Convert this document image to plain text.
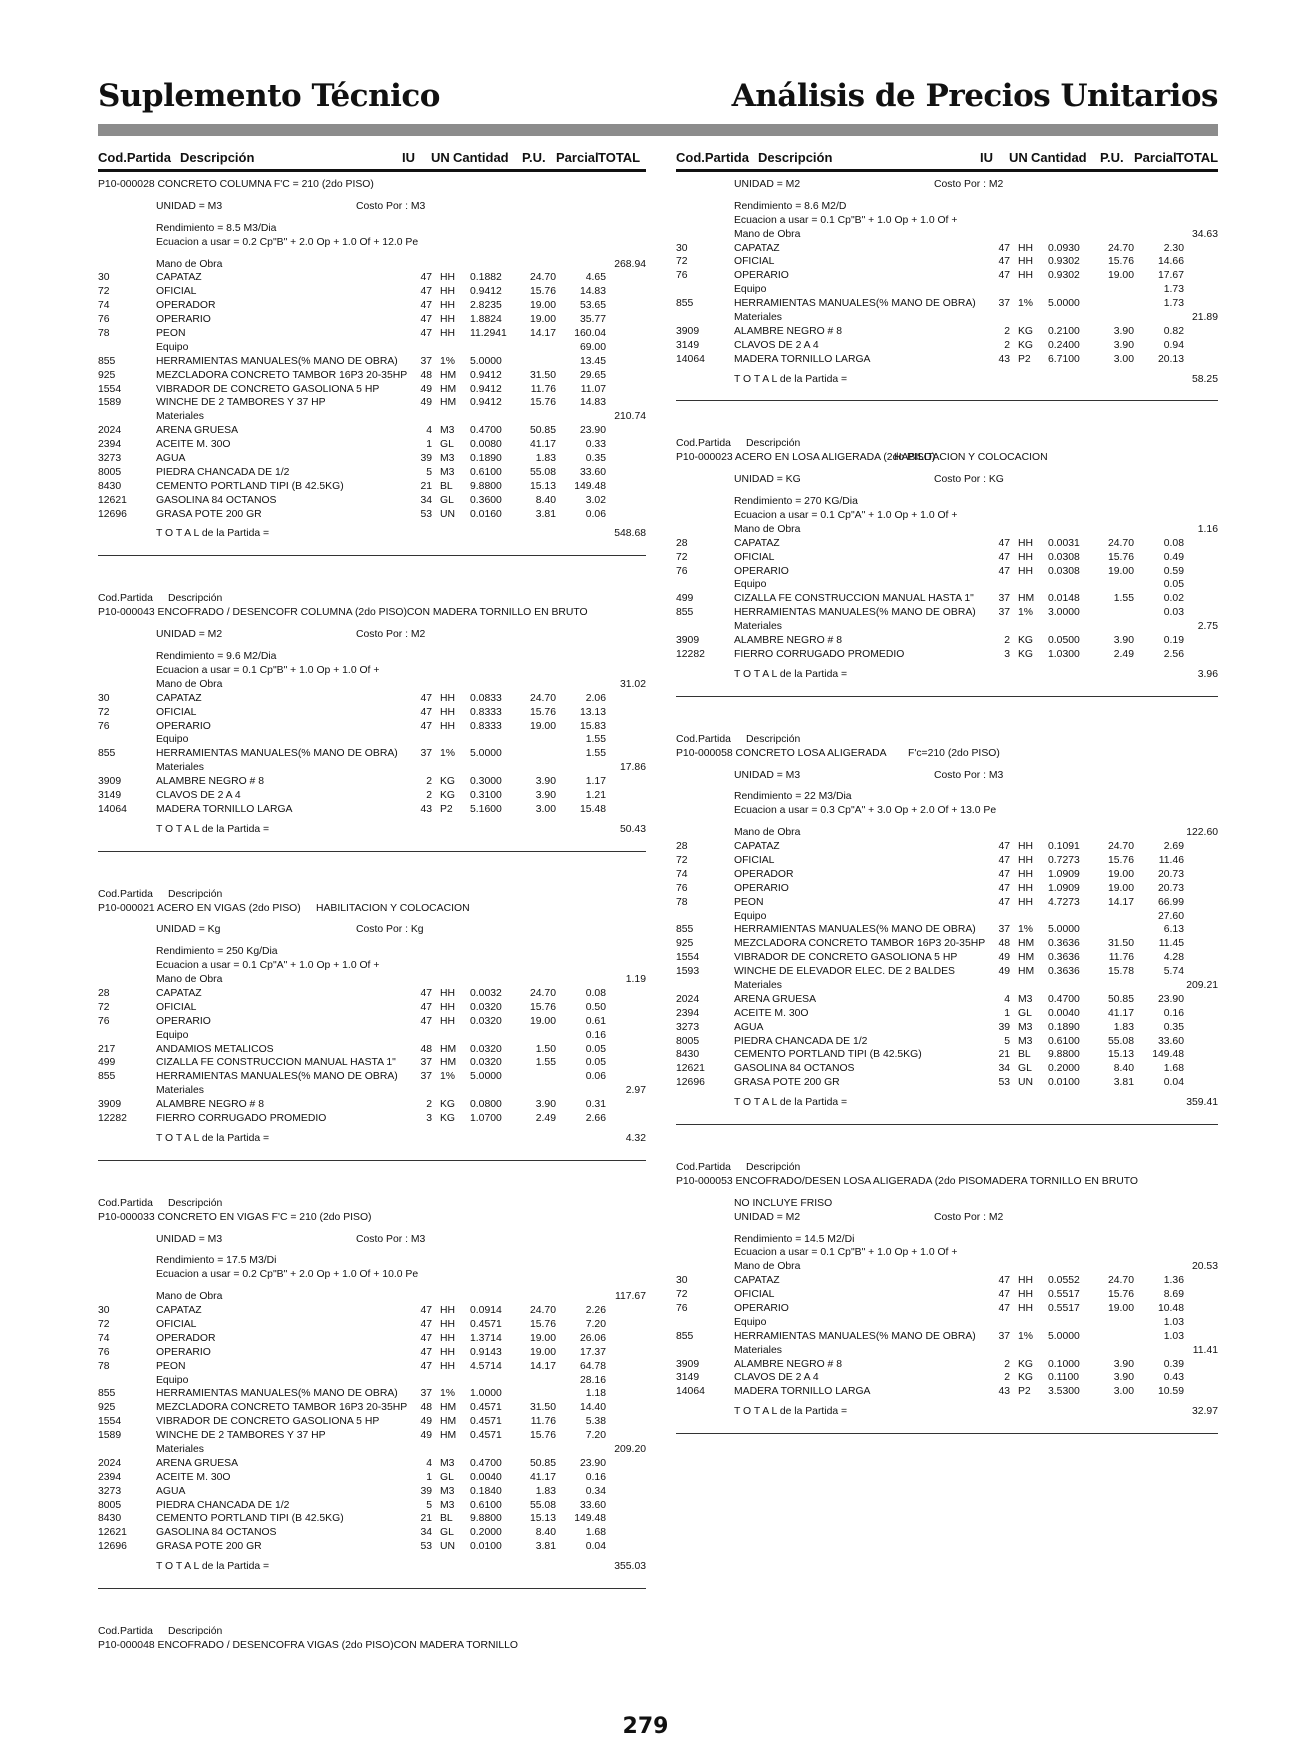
Suplemento Técnico	Análisis de Precios Unitarios
Cod.Partida Descripción	IU UN Cantidad P.U. Parcial TOTAL	Cod.Partida Descripción	IU UN Cantidad P.U. Parcial TOTAL
P10-000028 CONCRETO COLUMNA F'C = 210 (2do PISO)
UNIDAD = M3	Costo Por : M3
Rendimiento = 8.5 M3/Dia
Ecuacion a usar = 0.2 Cp"B" + 2.0 Op + 1.0 Of + 12.0 Pe
Mano de Obra	268.94
30	CAPATAZ	47 HH 0.1882	24.70	4.65
72	OFICIAL	47 HH 0.9412	15.76	14.83
74	OPERADOR	47 HH 2.8235	19.00	53.65
76	OPERARIO	47 HH 1.8824	19.00	35.77
78	PEON	47 HH 11.2941	14.17	160.04
Equipo	69.00
855	HERRAMIENTAS MANUALES(% MANO DE OBRA)	37 1% 5.0000	13.45
925	MEZCLADORA CONCRETO TAMBOR 16P3 20-35HP	48 HM 0.9412	31.50	29.65
1554	VIBRADOR DE CONCRETO GASOLIONA 5 HP	49 HM 0.9412	11.76	11.07
1589	WINCHE DE 2 TAMBORES Y 37 HP	49 HM 0.9412	15.76	14.83
Materiales	210.74
2024	ARENA GRUESA	4 M3 0.4700	50.85	23.90
2394	ACEITE M. 30O	1 GL 0.0080	41.17	0.33
3273	AGUA	39 M3 0.1890	1.83	0.35
8005	PIEDRA CHANCADA DE 1/2	5 M3 0.6100	55.08	33.60
8430	CEMENTO PORTLAND TIPI (B 42.5KG)	21 BL 9.8800	15.13	149.48
12621	GASOLINA 84 OCTANOS	34 GL 0.3600	8.40	3.02
12696	GRASA POTE 200 GR	53 UN 0.0160	3.81	0.06
T O T A L de la Partida =	548.68
Cod.Partida Descripción
P10-000043 ENCOFRADO / DESENCOFR COLUMNA (2do PISO)CON MADERA TORNILLO EN BRUTO
UNIDAD = M2	Costo Por : M2
Rendimiento = 9.6 M2/Dia
Ecuacion a usar = 0.1 Cp"B" + 1.0 Op + 1.0 Of +
Mano de Obra	31.02
30	CAPATAZ	47 HH 0.0833	24.70	2.06
72	OFICIAL	47 HH 0.8333	15.76	13.13
76	OPERARIO	47 HH 0.8333	19.00	15.83
Equipo	1.55
855	HERRAMIENTAS MANUALES(% MANO DE OBRA)	37 1% 5.0000	1.55
Materiales	17.86
3909	ALAMBRE NEGRO # 8	2 KG 0.3000	3.90	1.17
3149	CLAVOS DE 2 A 4	2 KG 0.3100	3.90	1.21
14064	MADERA TORNILLO LARGA	43 P2 5.1600	3.00	15.48
T O T A L de la Partida =	50.43
Cod.Partida Descripción
P10-000021 ACERO EN VIGAS (2do PISO) HABILITACION Y COLOCACION
UNIDAD = Kg	Costo Por : Kg
Rendimiento = 250 Kg/Dia
Ecuacion a usar = 0.1 Cp"A" + 1.0 Op + 1.0 Of +
Mano de Obra	1.19
28	CAPATAZ	47 HH 0.0032	24.70	0.08
72	OFICIAL	47 HH 0.0320	15.76	0.50
76	OPERARIO	47 HH 0.0320	19.00	0.61
Equipo	0.16
217	ANDAMIOS METALICOS	48 HM 0.0320	1.50	0.05
499	CIZALLA FE CONSTRUCCION MANUAL HASTA 1"	37 HM 0.0320	1.55	0.05
855	HERRAMIENTAS MANUALES(% MANO DE OBRA)	37 1% 5.0000	0.06
Materiales	2.97
3909	ALAMBRE NEGRO # 8	2 KG 0.0800	3.90	0.31
12282	FIERRO CORRUGADO PROMEDIO	3 KG 1.0700	2.49	2.66
T O T A L de la Partida =	4.32
Cod.Partida Descripción
P10-000033 CONCRETO EN VIGAS F'C = 210 (2do PISO)
UNIDAD = M3	Costo Por : M3
Rendimiento = 17.5 M3/Di
Ecuacion a usar = 0.2 Cp"B" + 2.0 Op + 1.0 Of + 10.0 Pe
Mano de Obra	117.67
30	CAPATAZ	47 HH 0.0914	24.70	2.26
72	OFICIAL	47 HH 0.4571	15.76	7.20
74	OPERADOR	47 HH 1.3714	19.00	26.06
76	OPERARIO	47 HH 0.9143	19.00	17.37
78	PEON	47 HH 4.5714	14.17	64.78
Equipo	28.16
855	HERRAMIENTAS MANUALES(% MANO DE OBRA)	37 1% 1.0000	1.18
925	MEZCLADORA CONCRETO TAMBOR 16P3 20-35HP	48 HM 0.4571	31.50	14.40
1554	VIBRADOR DE CONCRETO GASOLIONA 5 HP	49 HM 0.4571	11.76	5.38
1589	WINCHE DE 2 TAMBORES Y 37 HP	49 HM 0.4571	15.76	7.20
Materiales	209.20
2024	ARENA GRUESA	4 M3 0.4700	50.85	23.90
2394	ACEITE M. 30O	1 GL 0.0040	41.17	0.16
3273	AGUA	39 M3 0.1840	1.83	0.34
8005	PIEDRA CHANCADA DE 1/2	5 M3 0.6100	55.08	33.60
8430	CEMENTO PORTLAND TIPI (B 42.5KG)	21 BL 9.8800	15.13	149.48
12621	GASOLINA 84 OCTANOS	34 GL 0.2000	8.40	1.68
12696	GRASA POTE 200 GR	53 UN 0.0100	3.81	0.04
T O T A L de la Partida =	355.03
Cod.Partida Descripción
P10-000048 ENCOFRADO / DESENCOFRA VIGAS (2do PISO)CON MADERA TORNILLO
UNIDAD = M2	Costo Por : M2
Rendimiento = 8.6 M2/D
Ecuacion a usar = 0.1 Cp"B" + 1.0 Op + 1.0 Of +
Mano de Obra	34.63
30	CAPATAZ	47 HH 0.0930	24.70	2.30
72	OFICIAL	47 HH 0.9302	15.76	14.66
76	OPERARIO	47 HH 0.9302	19.00	17.67
Equipo	1.73
855	HERRAMIENTAS MANUALES(% MANO DE OBRA)	37 1% 5.0000	1.73
Materiales	21.89
3909	ALAMBRE NEGRO # 8	2 KG 0.2100	3.90	0.82
3149	CLAVOS DE 2 A 4	2 KG 0.2400	3.90	0.94
14064	MADERA TORNILLO LARGA	43 P2 6.7100	3.00	20.13
T O T A L de la Partida =	58.25
Cod.Partida Descripción
P10-000023 ACERO EN LOSA ALIGERADA (2do PISO)
HABILITACION Y COLOCACION
UNIDAD = KG	Costo Por : KG
Rendimiento = 270 KG/Dia
Ecuacion a usar = 0.1 Cp"A" + 1.0 Op + 1.0 Of +
Mano de Obra	1.16
28	CAPATAZ	47 HH 0.0031	24.70	0.08
72	OFICIAL	47 HH 0.0308	15.76	0.49
76	OPERARIO	47 HH 0.0308	19.00	0.59
Equipo	0.05
499	CIZALLA FE CONSTRUCCION MANUAL HASTA 1"	37 HM 0.0148	1.55	0.02
855	HERRAMIENTAS MANUALES(% MANO DE OBRA)	37 1% 3.0000	0.03
Materiales	2.75
3909	ALAMBRE NEGRO # 8	2 KG 0.0500	3.90	0.19
12282	FIERRO CORRUGADO PROMEDIO	3 KG 1.0300	2.49	2.56
T O T A L de la Partida =	3.96
Cod.Partida Descripción
P10-000058 CONCRETO LOSA ALIGERADA F'c=210 (2do PISO)
UNIDAD = M3	Costo Por : M3
Rendimiento = 22 M3/Dia
Ecuacion a usar = 0.3 Cp"A" + 3.0 Op + 2.0 Of + 13.0 Pe
Mano de Obra	122.60
28	CAPATAZ	47 HH 0.1091	24.70	2.69
72	OFICIAL	47 HH 0.7273	15.76	11.46
74	OPERADOR	47 HH 1.0909	19.00	20.73
76	OPERARIO	47 HH 1.0909	19.00	20.73
78	PEON	47 HH 4.7273	14.17	66.99
Equipo	27.60
855	HERRAMIENTAS MANUALES(% MANO DE OBRA)	37 1% 5.0000	6.13
925	MEZCLADORA CONCRETO TAMBOR 16P3 20-35HP	48 HM 0.3636	31.50	11.45
1554	VIBRADOR DE CONCRETO GASOLIONA 5 HP	49 HM 0.3636	11.76	4.28
1593	WINCHE DE ELEVADOR ELEC. DE 2 BALDES	49 HM 0.3636	15.78	5.74
Materiales	209.21
2024	ARENA GRUESA	4 M3 0.4700	50.85	23.90
2394	ACEITE M. 30O	1 GL 0.0040	41.17	0.16
3273	AGUA	39 M3 0.1890	1.83	0.35
8005	PIEDRA CHANCADA DE 1/2	5 M3 0.6100	55.08	33.60
8430	CEMENTO PORTLAND TIPI (B 42.5KG)	21 BL 9.8800	15.13	149.48
12621	GASOLINA 84 OCTANOS	34 GL 0.2000	8.40	1.68
12696	GRASA POTE 200 GR	53 UN 0.0100	3.81	0.04
T O T A L de la Partida =	359.41
Cod.Partida Descripción
P10-000053 ENCOFRADO/DESEN LOSA ALIGERADA (2do PISOMADERA TORNILLO EN BRUTO
NO INCLUYE FRISO
UNIDAD = M2	Costo Por : M2
Rendimiento = 14.5 M2/Di
Ecuacion a usar = 0.1 Cp"B" + 1.0 Op + 1.0 Of +
Mano de Obra	20.53
30	CAPATAZ	47 HH 0.0552	24.70	1.36
72	OFICIAL	47 HH 0.5517	15.76	8.69
76	OPERARIO	47 HH 0.5517	19.00	10.48
Equipo	1.03
855	HERRAMIENTAS MANUALES(% MANO DE OBRA)	37 1% 5.0000	1.03
Materiales	11.41
3909	ALAMBRE NEGRO # 8	2 KG 0.1000	3.90	0.39
3149	CLAVOS DE 2 A 4	2 KG 0.1100	3.90	0.43
14064	MADERA TORNILLO LARGA	43 P2 3.5300	3.00	10.59
T O T A L de la Partida =	32.97
279
